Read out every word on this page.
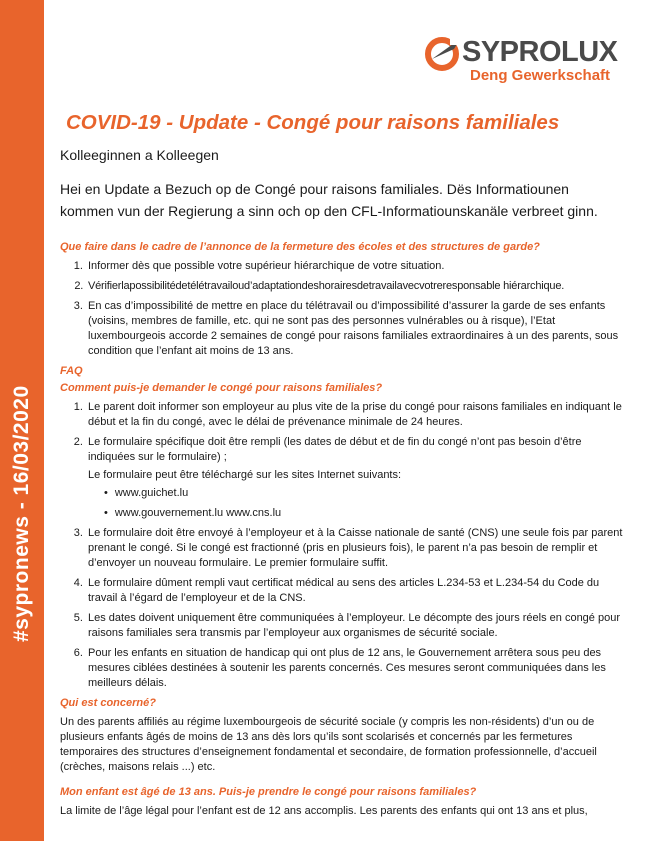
#sypronews - 16/03/2020
SYPROLUX
Deng Gewerkschaft
COVID-19 - Update - Congé pour raisons familiales

Kolleeginnen a Kolleegen

Hei en Update a Bezuch op de Congé pour raisons familiales. Dës Informatiounen kommen vun der Regierung a sinn och op den CFL-Informatiounskanäle verbreet ginn.

Que faire dans le cadre de l’annonce de la fermeture des écoles et des structures de garde?

1. Informer dès que possible votre supérieur hiérarchique de votre situation.
2. Vérifierlapossibilitédetélétravailoud’adaptationdeshorairesdetravailavecvotreresponsable hiérarchique.
3. En cas d’impossibilité de mettre en place du télétravail ou d’impossibilité d’assurer la garde de ses enfants (voisins, membres de famille, etc. qui ne sont pas des personnes vulnérables ou à risque), l’Etat luxembourgeois accorde 2 semaines de congé pour raisons familiales extraordinaires à un des parents, sous condition que l’enfant ait moins de 13 ans.

FAQ

Comment puis-je demander le congé pour raisons familiales?

1. Le parent doit informer son employeur au plus vite de la prise du congé pour raisons familiales en indiquant le début et la fin du congé, avec le délai de prévenance minimale de 24 heures.
2. Le formulaire spécifique doit être rempli (les dates de début et de fin du congé n’ont pas besoin d’être indiquées sur le formulaire) ;

Le formulaire peut être téléchargé sur les sites Internet suivants:

• www.guichet.lu
• www.gouvernement.lu www.cns.lu
3. Le formulaire doit être envoyé à l’employeur et à la Caisse nationale de santé (CNS) une seule fois par parent prenant le congé. Si le congé est fractionné (pris en plusieurs fois), le parent n’a pas besoin de remplir et d’envoyer un nouveau formulaire. Le premier formulaire suffit.
4. Le formulaire dûment rempli vaut certificat médical au sens des articles L.234-53 et L.234-54 du Code du travail à l’égard de l’employeur et de la CNS.
5. Les dates doivent uniquement être communiquées à l’employeur. Le décompte des jours réels en congé pour raisons familiales sera transmis par l’employeur aux organismes de sécurité sociale.
6. Pour les enfants en situation de handicap qui ont plus de 12 ans, le Gouvernement arrêtera sous peu des mesures ciblées destinées à soutenir les parents concernés. Ces mesures seront communiquées dans les meilleurs délais.

Qui est concerné?

Un des parents affiliés au régime luxembourgeois de sécurité sociale (y compris les non-résidents) d’un ou de plusieurs enfants âgés de moins de 13 ans dès lors qu’ils sont scolarisés et concernés par les fermetures temporaires des structures d’enseignement fondamental et secondaire, de formation professionnelle, d’accueil (crèches, maisons relais ...) etc.

Mon enfant est âgé de 13 ans. Puis-je prendre le congé pour raisons familiales?

La limite de l’âge légal pour l’enfant est de 12 ans accomplis. Les parents des enfants qui ont 13 ans et plus,
